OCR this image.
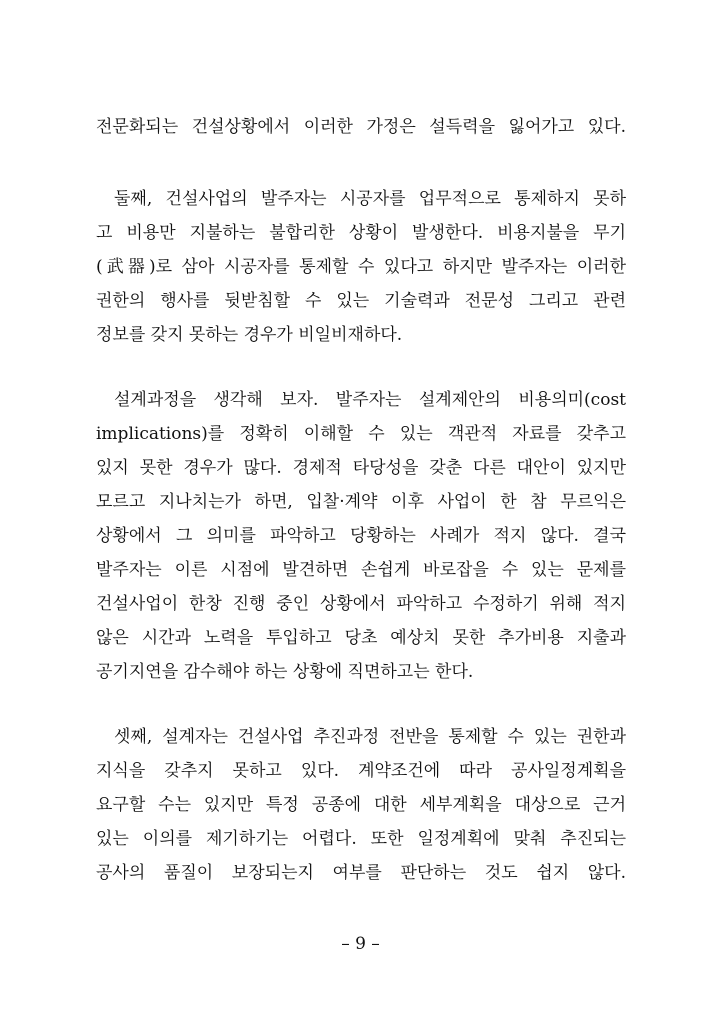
전문화되는 건설상황에서 이러한 가정은 설득력을 잃어가고 있다.
둘째, 건설사업의 발주자는 시공자를 업무적으로 통제하지 못하
고 비용만 지불하는 불합리한 상황이 발생한다. 비용지불을 무기
(武器)로 삼아 시공자를 통제할 수 있다고 하지만 발주자는 이러한
권한의 행사를 뒷받침할 수 있는 기술력과 전문성 그리고 관련
정보를 갖지 못하는 경우가 비일비재하다.
설계과정을 생각해 보자. 발주자는 설계제안의 비용의미(cost
implications)를 정확히 이해할 수 있는 객관적 자료를 갖추고
있지 못한 경우가 많다. 경제적 타당성을 갖춘 다른 대안이 있지만
모르고 지나치는가 하면, 입찰·계약 이후 사업이 한 참 무르익은
상황에서 그 의미를 파악하고 당황하는 사례가 적지 않다. 결국
발주자는 이른 시점에 발견하면 손쉽게 바로잡을 수 있는 문제를
건설사업이 한창 진행 중인 상황에서 파악하고 수정하기 위해 적지
않은 시간과 노력을 투입하고 당초 예상치 못한 추가비용 지출과
공기지연을 감수해야 하는 상황에 직면하고는 한다.
셋째, 설계자는 건설사업 추진과정 전반을 통제할 수 있는 권한과
지식을 갖추지 못하고 있다. 계약조건에 따라 공사일정계획을
요구할 수는 있지만 특정 공종에 대한 세부계획을 대상으로 근거
있는 이의를 제기하기는 어렵다. 또한 일정계획에 맞춰 추진되는
공사의 품질이 보장되는지 여부를 판단하는 것도 쉽지 않다.
– 9 –
